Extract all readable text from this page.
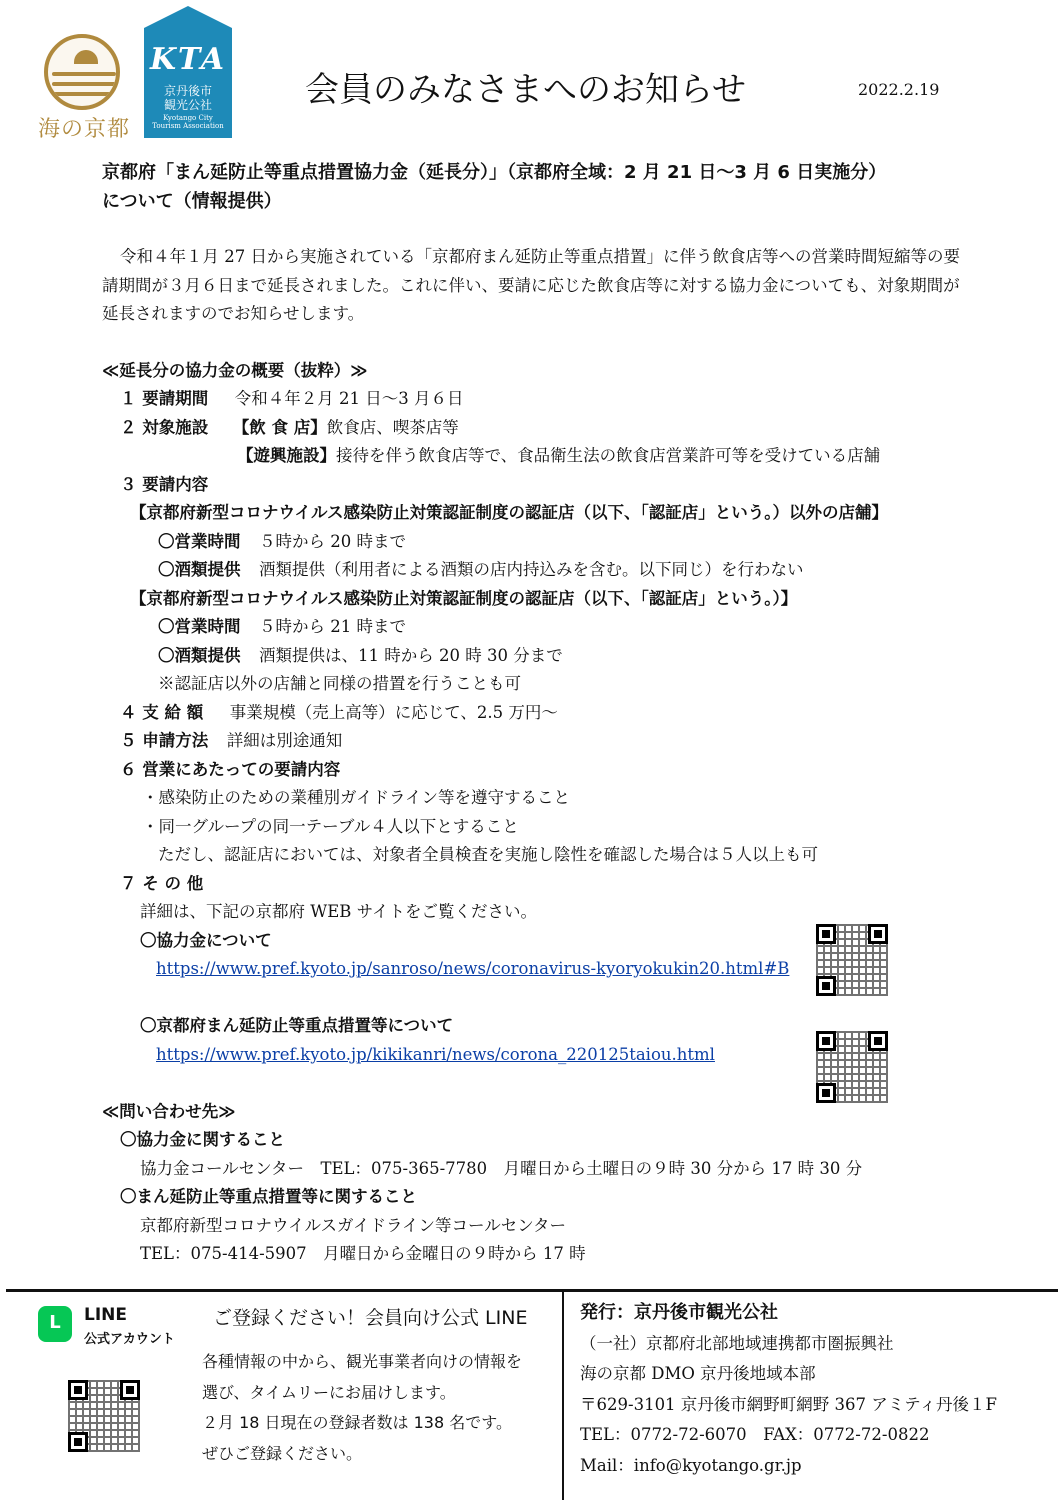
海の京都
KTA
京丹後市
観光公社
Kyotango City
Tourism Association
会員のみなさまへのお知らせ	2022.2.19
京都府「まん延防止等重点措置協力金（延長分）」（京都府全域：2 月 21 日〜3 月 6 日実施分）
について（情報提供）
令和４年１月 27 日から実施されている「京都府まん延防止等重点措置」に伴う飲食店等への営業時間短縮等の要請期間が３月６日まで延長されました。これに伴い、要請に応じた飲食店等に対する協力金についても、対象期間が延長されますのでお知らせします。
≪延長分の協力金の概要（抜粋）≫
１ 要請期間 令和４年２月 21 日〜3 月６日
２ 対象施設 【飲 食 店】飲食店、喫茶店等
【遊興施設】接待を伴う飲食店等で、食品衛生法の飲食店営業許可等を受けている店舗
３ 要請内容
【京都府新型コロナウイルス感染防止対策認証制度の認証店（以下、「認証店」という。）以外の店舗】
〇営業時間 ５時から 20 時まで
〇酒類提供 酒類提供（利用者による酒類の店内持込みを含む。以下同じ）を行わない
【京都府新型コロナウイルス感染防止対策認証制度の認証店（以下、「認証店」という。）】
〇営業時間 ５時から 21 時まで
〇酒類提供 酒類提供は、11 時から 20 時 30 分まで
※認証店以外の店舗と同様の措置を行うことも可
４ 支 給 額 事業規模（売上高等）に応じて、2.5 万円〜
５ 申請方法 詳細は別途通知
６ 営業にあたっての要請内容
・感染防止のための業種別ガイドライン等を遵守すること
・同一グループの同一テーブル４人以下とすること
ただし、認証店においては、対象者全員検査を実施し陰性を確認した場合は５人以上も可
７ そ の 他
詳細は、下記の京都府 WEB サイトをご覧ください。
〇協力金について
https://www.pref.kyoto.jp/sanroso/news/coronavirus-kyoryokukin20.html#B
〇京都府まん延防止等重点措置等について
https://www.pref.kyoto.jp/kikikanri/news/corona_220125taiou.html
≪問い合わせ先≫
〇協力金に関すること
協力金コールセンター　TEL：075-365-7780　月曜日から土曜日の９時 30 分から 17 時 30 分
〇まん延防止等重点措置等に関すること
京都府新型コロナウイルスガイドライン等コールセンター
TEL：075-414-5907　月曜日から金曜日の９時から 17 時
L	LINE
公式アカウント
ご登録ください！会員向け公式 LINE
各種情報の中から、観光事業者向けの情報を
選び、タイムリーにお届けします。
２月 18 日現在の登録者数は 138 名です。
ぜひご登録ください。
発行：京丹後市観光公社
（一社）京都府北部地域連携都市圏振興社
海の京都 DMO 京丹後地域本部
〒629-3101 京丹後市網野町網野 367 アミティ丹後１F
TEL：0772-72-6070　FAX：0772-72-0822
Mail：info@kyotango.gr.jp
